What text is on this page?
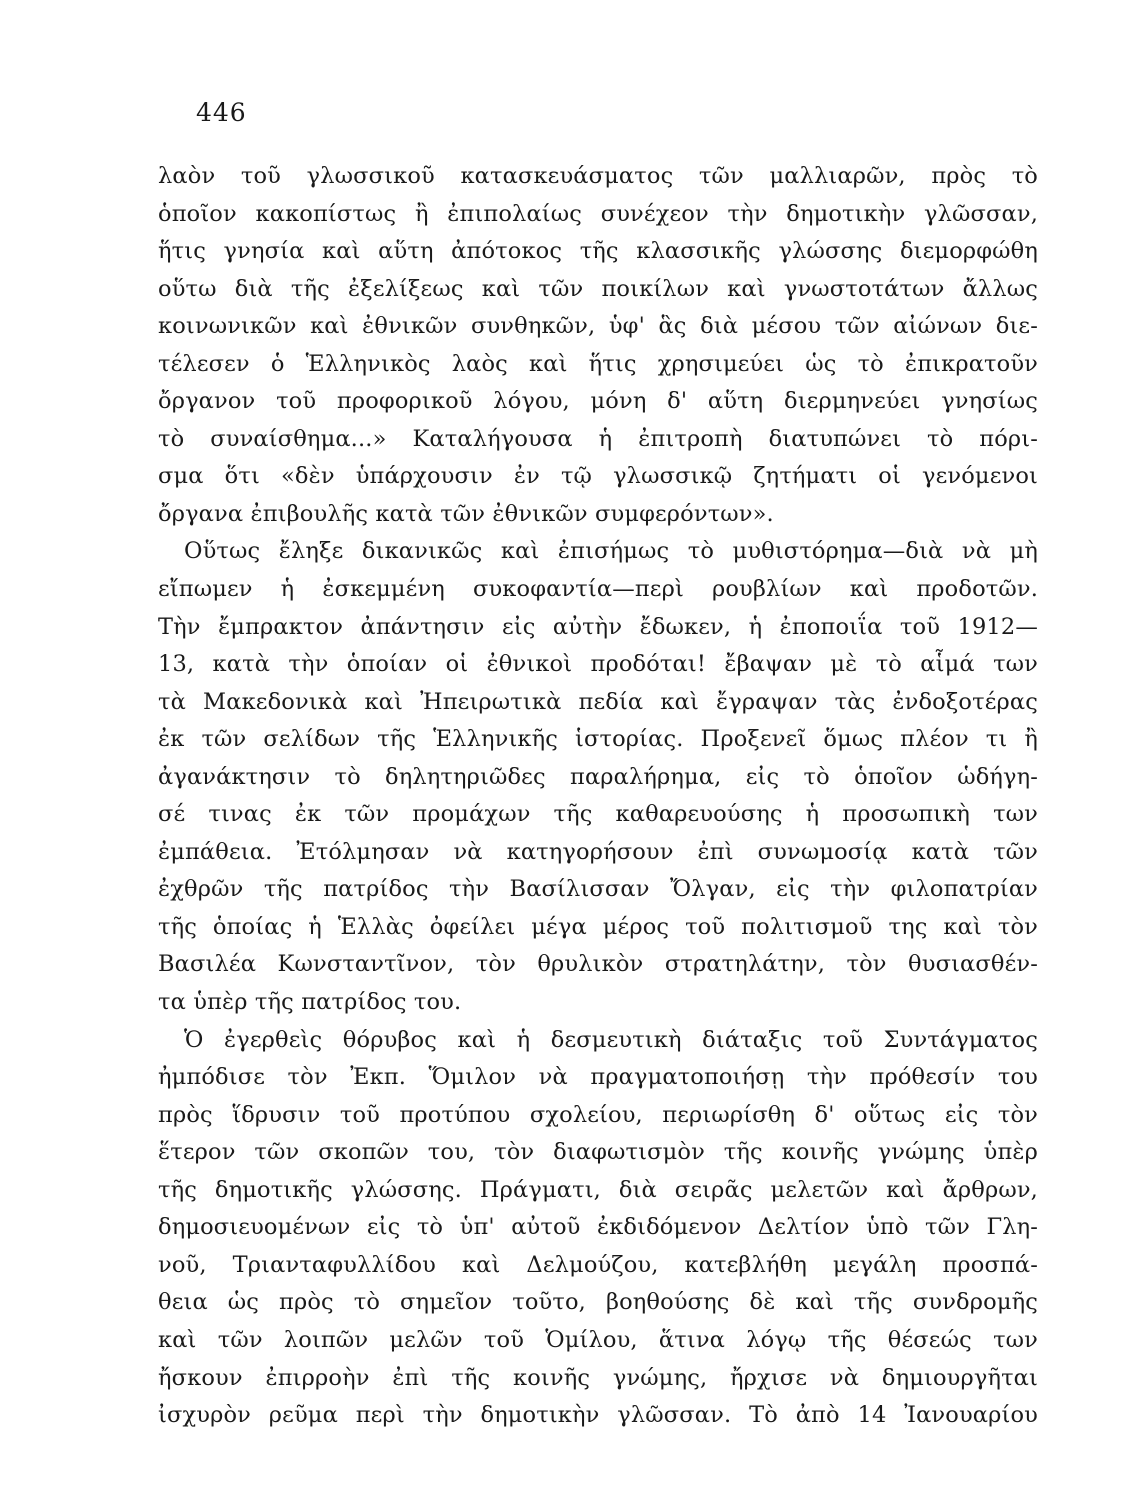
446
λαὸν τοῦ γλωσσικοῦ κατασκευάσματος τῶν μαλλιαρῶν, πρὸς τὸ
ὁποῖον κακοπίστως ἢ ἐπιπολαίως συνέχεον τὴν δημοτικὴν γλῶσσαν,
ἥτις γνησία καὶ αὕτη ἀπότοκος τῆς κλασσικῆς γλώσσης διεμορφώθη
οὕτω διὰ τῆς ἐξελίξεως καὶ τῶν ποικίλων καὶ γνωστοτάτων ἄλλως
κοινωνικῶν καὶ ἐθνικῶν συνθηκῶν, ὑφ' ἃς διὰ μέσου τῶν αἰώνων διε-
τέλεσεν ὁ Ἑλληνικὸς λαὸς καὶ ἥτις χρησιμεύει ὡς τὸ ἐπικρατοῦν
ὄργανον τοῦ προφορικοῦ λόγου, μόνη δ' αὕτη διερμηνεύει γνησίως
τὸ συναίσθημα...» Καταλήγουσα ἡ ἐπιτροπὴ διατυπώνει τὸ πόρι-
σμα ὅτι «δὲν ὑπάρχουσιν ἐν τῷ γλωσσικῷ ζητήματι οἱ γενόμενοι
ὄργανα ἐπιβουλῆς κατὰ τῶν ἐθνικῶν συμφερόντων».
Οὕτως ἔληξε δικανικῶς καὶ ἐπισήμως τὸ μυθιστόρημα—διὰ νὰ μὴ
εἴπωμεν ἡ ἐσκεμμένη συκοφαντία—περὶ ρουβλίων καὶ προδοτῶν.
Τὴν ἔμπρακτον ἀπάντησιν εἰς αὐτὴν ἔδωκεν, ἡ ἐποποιΐα τοῦ 1912—
13, κατὰ τὴν ὁποίαν οἱ ἐθνικοὶ προδόται! ἔβαψαν μὲ τὸ αἷμά των
τὰ Μακεδονικὰ καὶ Ἠπειρωτικὰ πεδία καὶ ἔγραψαν τὰς ἐνδοξοτέρας
ἐκ τῶν σελίδων τῆς Ἑλληνικῆς ἱστορίας. Προξενεῖ ὅμως πλέον τι ἢ
ἀγανάκτησιν τὸ δηλητηριῶδες παραλήρημα, εἰς τὸ ὁποῖον ὡδήγη-
σέ τινας ἐκ τῶν προμάχων τῆς καθαρευούσης ἡ προσωπικὴ των
ἐμπάθεια. Ἐτόλμησαν νὰ κατηγορήσουν ἐπὶ συνωμοσίᾳ κατὰ τῶν
ἐχθρῶν τῆς πατρίδος τὴν Βασίλισσαν Ὄλγαν, εἰς τὴν φιλοπατρίαν
τῆς ὁποίας ἡ Ἑλλὰς ὀφείλει μέγα μέρος τοῦ πολιτισμοῦ της καὶ τὸν
Βασιλέα Κωνσταντῖνον, τὸν θρυλικὸν στρατηλάτην, τὸν θυσιασθέν-
τα ὑπὲρ τῆς πατρίδος του.
Ὁ ἐγερθεὶς θόρυβος καὶ ἡ δεσμευτικὴ διάταξις τοῦ Συντάγματος
ἠμπόδισε τὸν Ἐκπ. Ὅμιλον νὰ πραγματοποιήσῃ τὴν πρόθεσίν του
πρὸς ἵδρυσιν τοῦ προτύπου σχολείου, περιωρίσθη δ' οὕτως εἰς τὸν
ἕτερον τῶν σκοπῶν του, τὸν διαφωτισμὸν τῆς κοινῆς γνώμης ὑπὲρ
τῆς δημοτικῆς γλώσσης. Πράγματι, διὰ σειρᾶς μελετῶν καὶ ἄρθρων,
δημοσιευομένων εἰς τὸ ὑπ' αὐτοῦ ἐκδιδόμενον Δελτίον ὑπὸ τῶν Γλη-
νοῦ, Τριανταφυλλίδου καὶ Δελμούζου, κατεβλήθη μεγάλη προσπά-
θεια ὡς πρὸς τὸ σημεῖον τοῦτο, βοηθούσης δὲ καὶ τῆς συνδρομῆς
καὶ τῶν λοιπῶν μελῶν τοῦ Ὁμίλου, ἅτινα λόγῳ τῆς θέσεώς των
ἤσκουν ἐπιρροὴν ἐπὶ τῆς κοινῆς γνώμης, ἤρχισε νὰ δημιουργῆται
ἰσχυρὸν ρεῦμα περὶ τὴν δημοτικὴν γλῶσσαν. Τὸ ἀπὸ 14 Ἰανουαρίου
